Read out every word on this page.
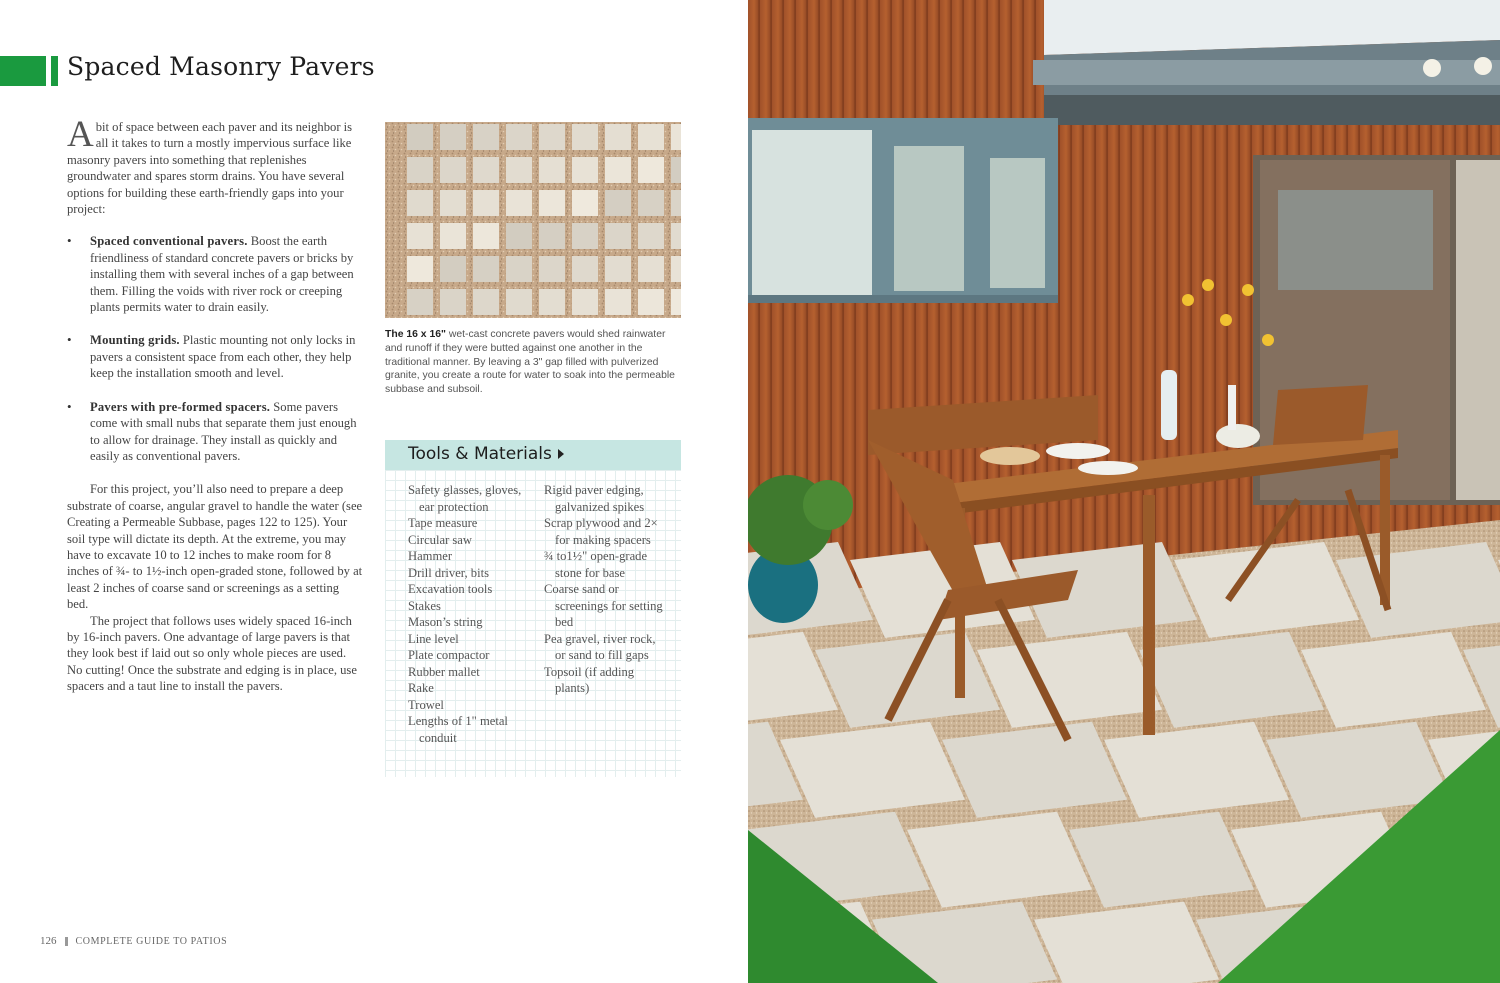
Spaced Masonry Pavers

Abit of space between each paver and its neighbor is all it takes to turn a mostly impervious surface like masonry pavers into something that replenishes groundwater and spares storm drains. You have several options for building these earth-friendly gaps into your project:

• Spaced conventional pavers. Boost the earth friendliness of standard concrete pavers or bricks by installing them with several inches of a gap between them. Filling the voids with river rock or creeping plants permits water to drain easily.
• Mounting grids. Plastic mounting not only locks in pavers a consistent space from each other, they help keep the installation smooth and level.
• Pavers with pre-formed spacers. Some pavers come with small nubs that separate them just enough to allow for drainage. They install as quickly and easily as conventional pavers.

For this project, you’ll also need to prepare a deep substrate of coarse, angular gravel to handle the water (see Creating a Permeable Subbase, pages 122 to 125). Your soil type will dictate its depth. At the extreme, you may have to excavate 10 to 12 inches to make room for 8 inches of ¾- to 1½-inch open-graded stone, followed by at least 2 inches of coarse sand or screenings as a setting bed.

The project that follows uses widely spaced 16-inch by 16-inch pavers. One advantage of large pavers is that they look best if laid out so only whole pieces are used. No cutting! Once the substrate and edging is in place, use spacers and a taut line to install the pavers.

The 16 x 16" wet-cast concrete pavers would shed rainwater and runoff if they were butted against one another in the traditional manner. By leaving a 3" gap filled with pulverized granite, you create a route for water to soak into the permeable subbase and subsoil.
Tools & Materials
Safety glasses, gloves, ear protection
Tape measure
Circular saw
Hammer
Drill driver, bits
Excavation tools
Stakes
Mason’s string
Line level
Plate compactor
Rubber mallet
Rake
Trowel
Lengths of 1" metal conduit
Rigid paver edging, galvanized spikes
Scrap plywood and 2× for making spacers
¾ to1½" open-grade stone for base
Coarse sand or screenings for setting bed
Pea gravel, river rock, or sand to fill gaps
Topsoil (if adding plants)
126 COMPLETE GUIDE TO PATIOS
